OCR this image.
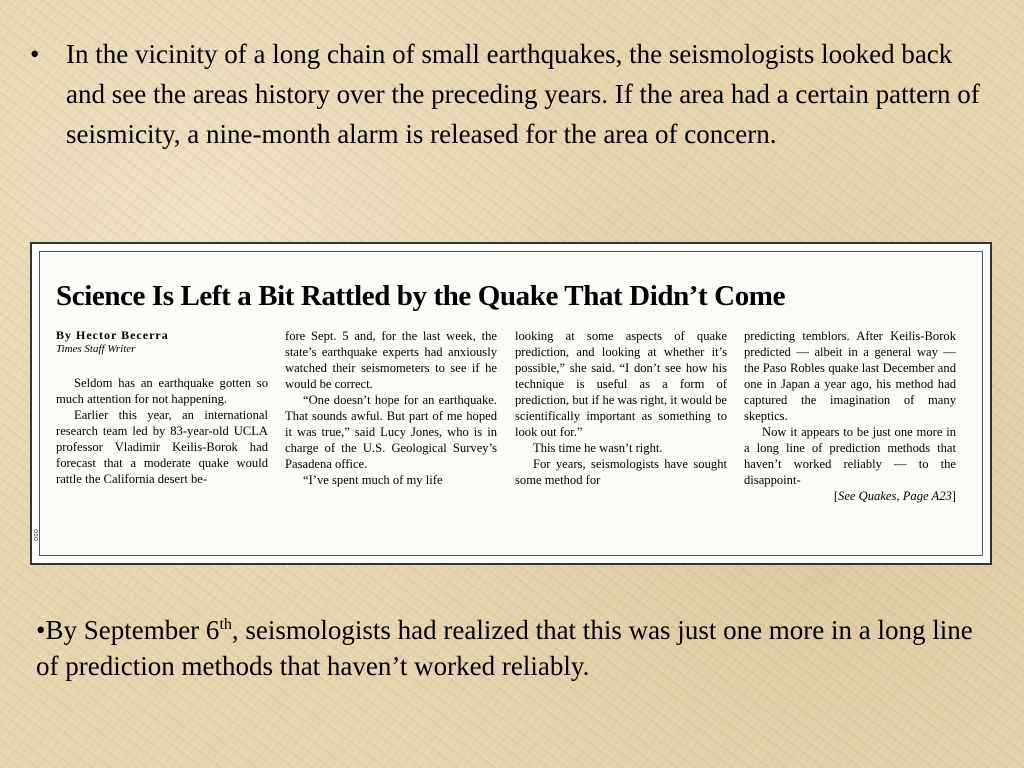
• In the vicinity of a long chain of small earthquakes, the seismologists looked back and see the areas history over the preceding years. If the area had a certain pattern of seismicity, a nine-month alarm is released for the area of concern.
Science Is Left a Bit Rattled by the Quake That Didn’t Come
By Hector Becerra
Times Staff Writer
oso

Seldom has an earthquake gotten so much attention for not happening.

Earlier this year, an international research team led by 83-year-old UCLA professor Vladimir Keilis-Borok had forecast that a moderate quake would rattle the California desert be-

fore Sept. 5 and, for the last week, the state’s earthquake experts had anxiously watched their seismometers to see if he would be correct.

“One doesn’t hope for an earthquake. That sounds awful. But part of me hoped it was true,” said Lucy Jones, who is in charge of the U.S. Geological Survey’s Pasadena office.

“I’ve spent much of my life

looking at some aspects of quake prediction, and looking at whether it’s possible,” she said. “I don’t see how his technique is useful as a form of prediction, but if he was right, it would be scientifically important as something to look out for.”

This time he wasn’t right.

For years, seismologists have sought some method for

predicting temblors. After Keilis-Borok predicted — albeit in a general way — the Paso Robles quake last December and one in Japan a year ago, his method had captured the imagination of many skeptics.

Now it appears to be just one more in a long line of prediction methods that haven’t worked reliably — to the disappoint-

[See Quakes, Page A23]

•By September 6th, seismologists had realized that this was just one more in a long line of prediction methods that haven’t worked reliably.
